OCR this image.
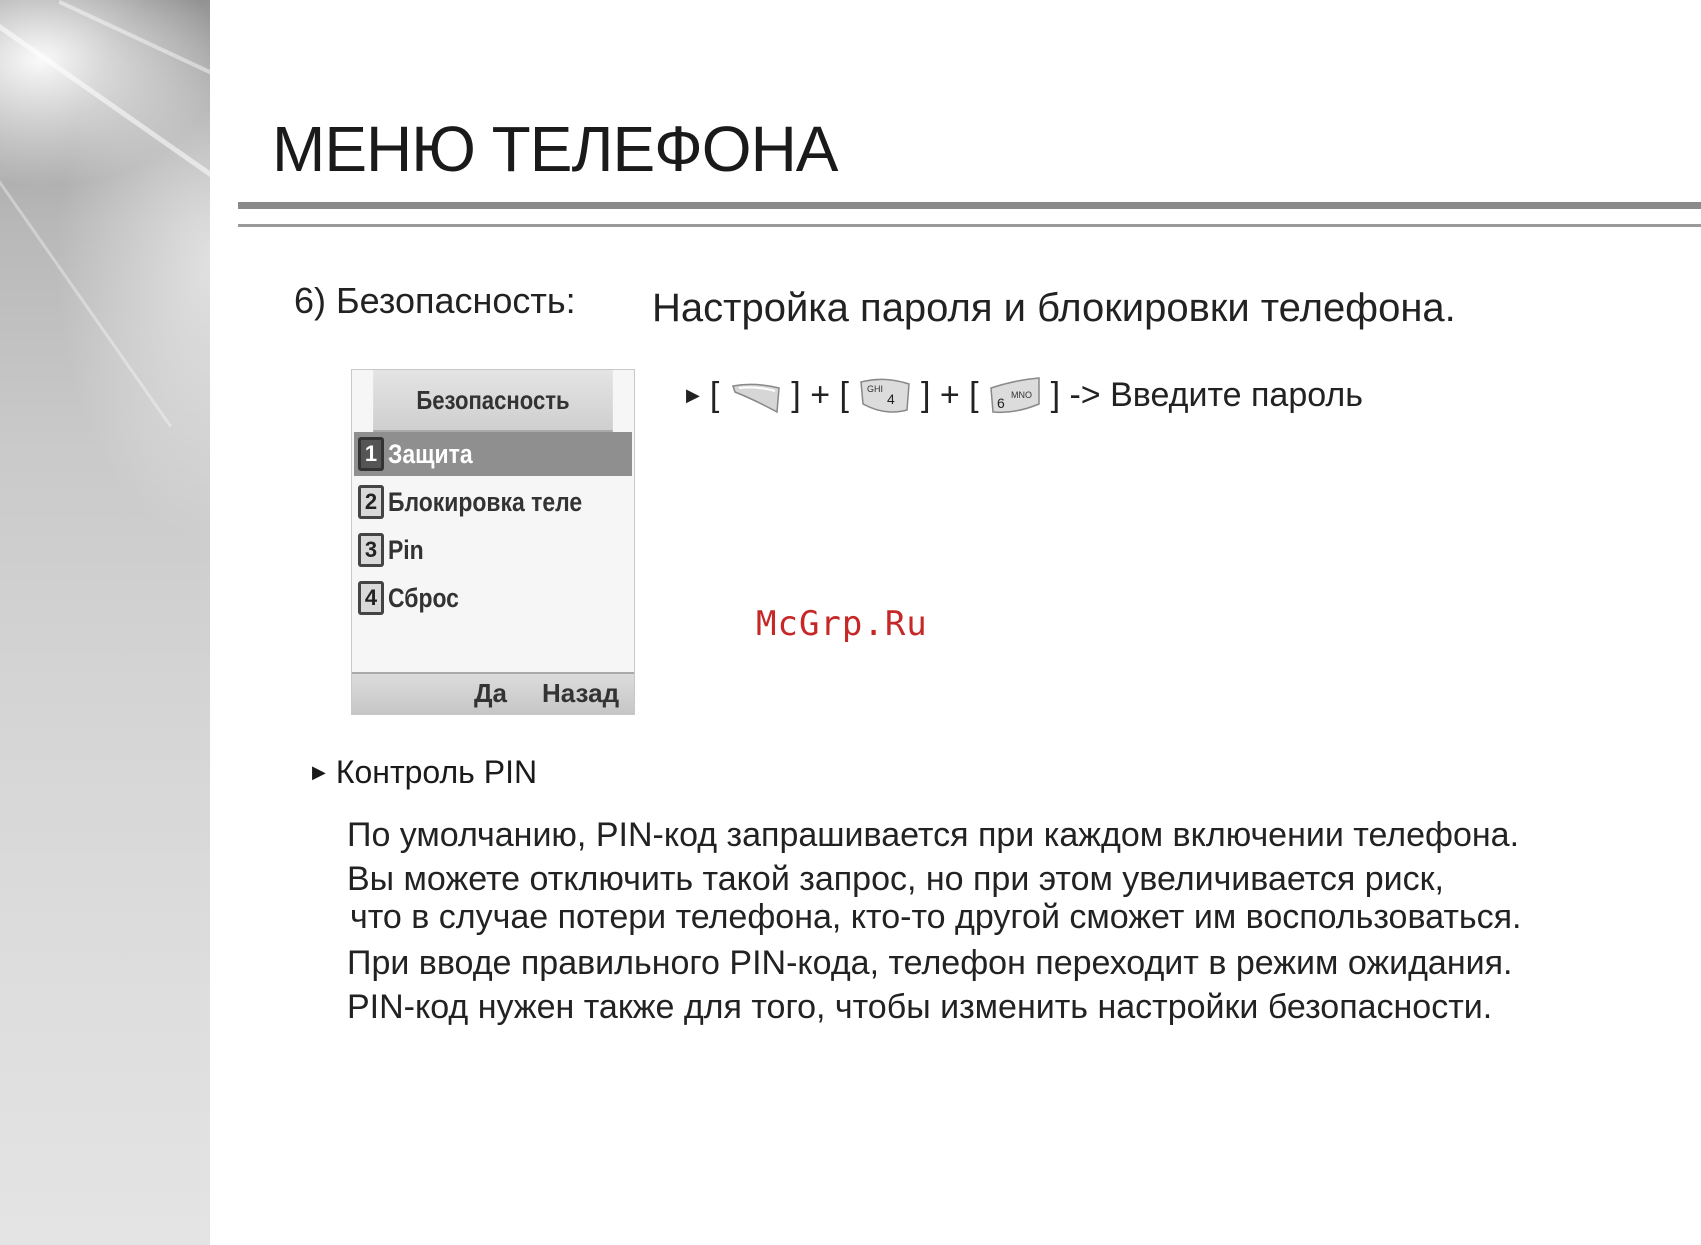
МЕНЮ ТЕЛЕФОНА
6) Безопасность: Настройка пароля и блокировки телефона.
Безопасность
1 Защита
2 Блокировка теле
3 Pin
4 Сброс
Да Назад
▶ [ ] + [ GHI
4 ] + [ 6 MNO ] -> Введите пароль
McGrp.Ru
▶ Контроль PIN
По умолчанию, PIN-код запрашивается при каждом включении телефона.
Вы можете отключить такой запрос, но при этом увеличивается риск,
что в случае потери телефона, кто-то другой сможет им воспользоваться.
При вводе правильного PIN-кода, телефон переходит в режим ожидания.
PIN-код нужен также для того, чтобы изменить настройки безопасности.
